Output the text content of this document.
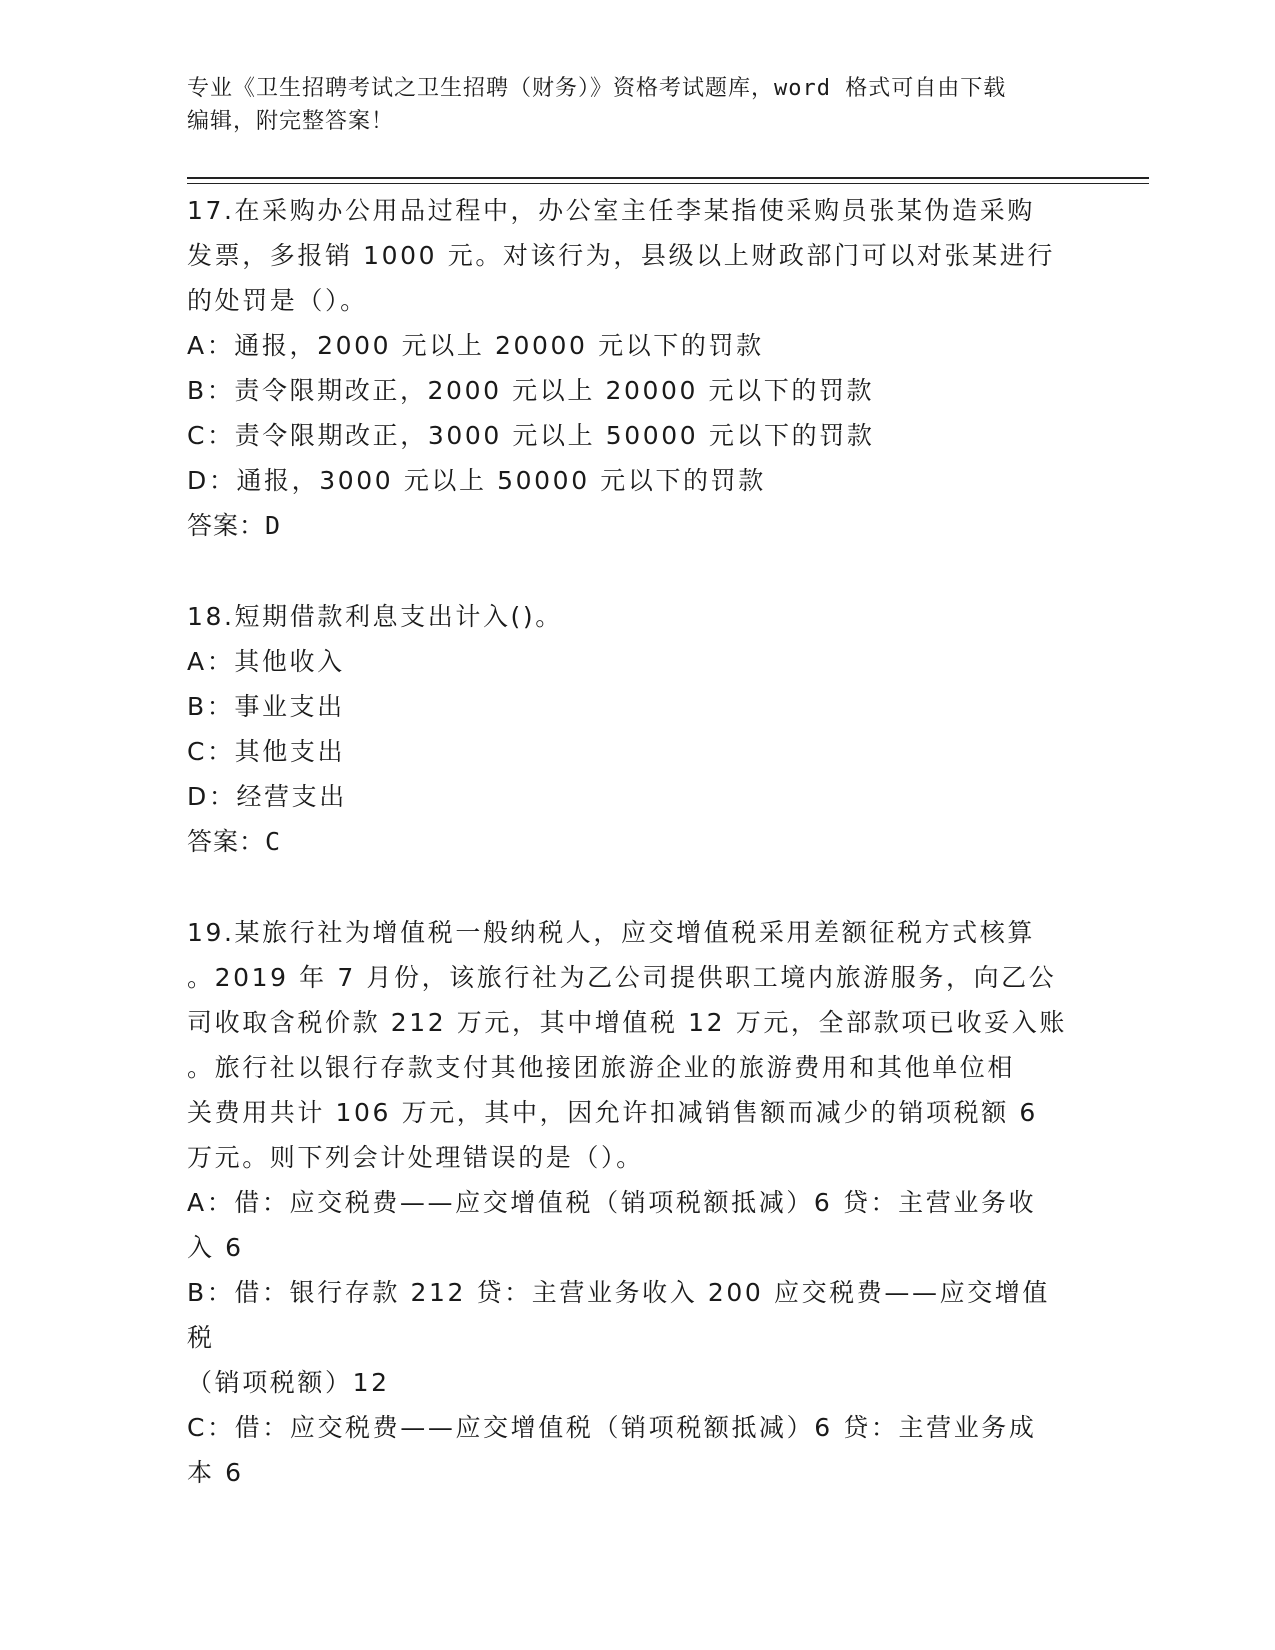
专业《卫生招聘考试之卫生招聘（财务）》资格考试题库，word 格式可自由下载
编辑，附完整答案！

17.在采购办公用品过程中，办公室主任李某指使采购员张某伪造采购

发票，多报销 1000 元。对该行为，县级以上财政部门可以对张某进行

的处罚是（）。

A：通报，2000 元以上 20000 元以下的罚款

B：责令限期改正，2000 元以上 20000 元以下的罚款

C：责令限期改正，3000 元以上 50000 元以下的罚款

D：通报，3000 元以上 50000 元以下的罚款

答案：D

18.短期借款利息支出计入()。

A：其他收入

B：事业支出

C：其他支出

D：经营支出

答案：C

19.某旅行社为增值税一般纳税人，应交增值税采用差额征税方式核算

。2019 年 7 月份，该旅行社为乙公司提供职工境内旅游服务，向乙公

司收取含税价款 212 万元，其中增值税 12 万元，全部款项已收妥入账

。旅行社以银行存款支付其他接团旅游企业的旅游费用和其他单位相

关费用共计 106 万元，其中，因允许扣减销售额而减少的销项税额 6

万元。则下列会计处理错误的是（）。

A：借：应交税费——应交增值税（销项税额抵减）6 贷：主营业务收

入 6

B：借：银行存款 212 贷：主营业务收入 200 应交税费——应交增值税

（销项税额）12

C：借：应交税费——应交增值税（销项税额抵减）6 贷：主营业务成

本 6
